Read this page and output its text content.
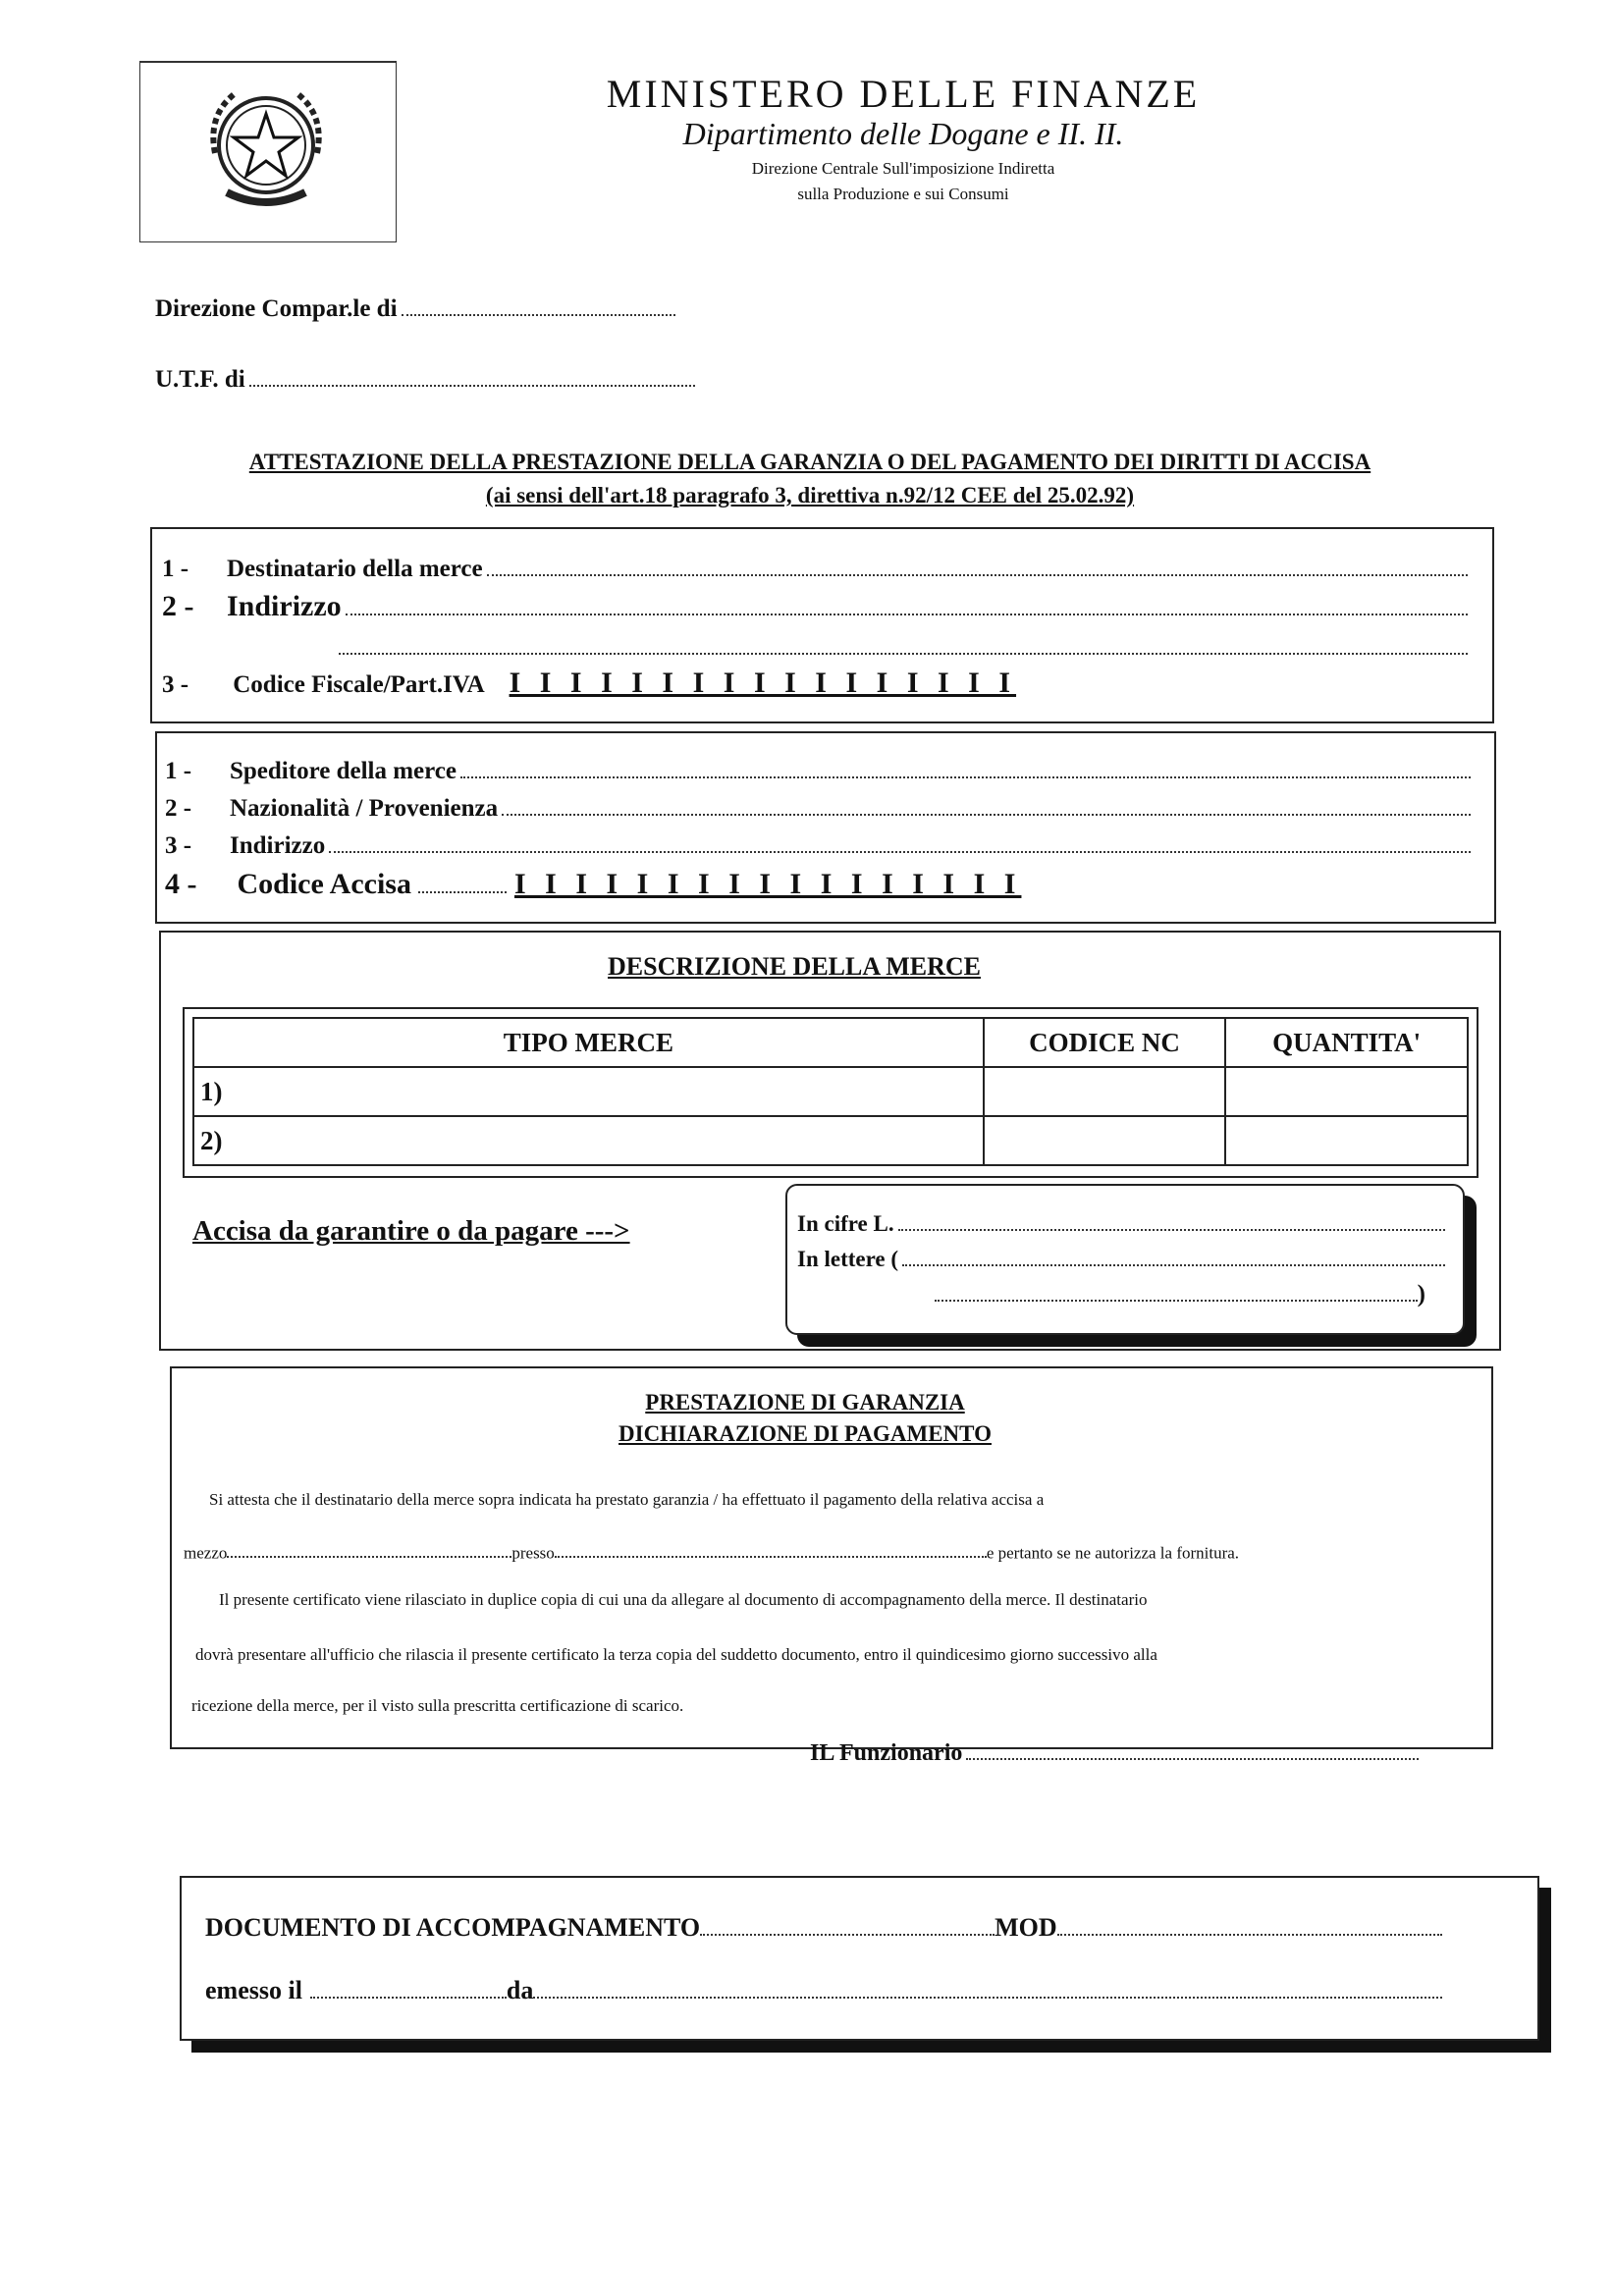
MINISTERO DELLE FINANZE
Dipartimento delle Dogane e II. II.
Direzione Centrale Sull'imposizione Indiretta
sulla Produzione e sui Consumi
Direzione Compar.le di
U.T.F. di
ATTESTAZIONE DELLA PRESTAZIONE DELLA GARANZIA O DEL PAGAMENTO DEI DIRITTI DI ACCISA
(ai sensi dell'art.18 paragrafo 3, direttiva n.92/12 CEE del 25.02.92)
1 -	Destinatario della merce
2 -	Indirizzo
3 - Codice Fiscale/Part.IVA I I I I I I I I I I I I I I I I I
1 -	Speditore della merce
2 -	Nazionalità / Provenienza
3 -	Indirizzo
4 - Codice Accisa	I I I I I I I I I I I I I I I I I
DESCRIZIONE DELLA MERCE
TIPO MERCE	CODICE NC	QUANTITA'
1)		
2)		
Accisa da garantire o da pagare --->	In cifre L.
In lettere (
)
PRESTAZIONE DI GARANZIA
DICHIARAZIONE DI PAGAMENTO
Si attesta che il destinatario della merce sopra indicata ha prestato garanzia / ha effettuato il pagamento della relativa accisa a
mezzo	presso	e pertanto se ne autorizza la fornitura.
Il presente certificato viene rilasciato in duplice copia di cui una da allegare al documento di accompagnamento della merce. Il destinatario
dovrà presentare all'ufficio che rilascia il presente certificato la terza copia del suddetto documento, entro il quindicesimo giorno successivo alla
ricezione della merce, per il visto sulla prescritta certificazione di scarico.
IL Funzionario
DOCUMENTO DI ACCOMPAGNAMENTO	MOD
emesso il	da
